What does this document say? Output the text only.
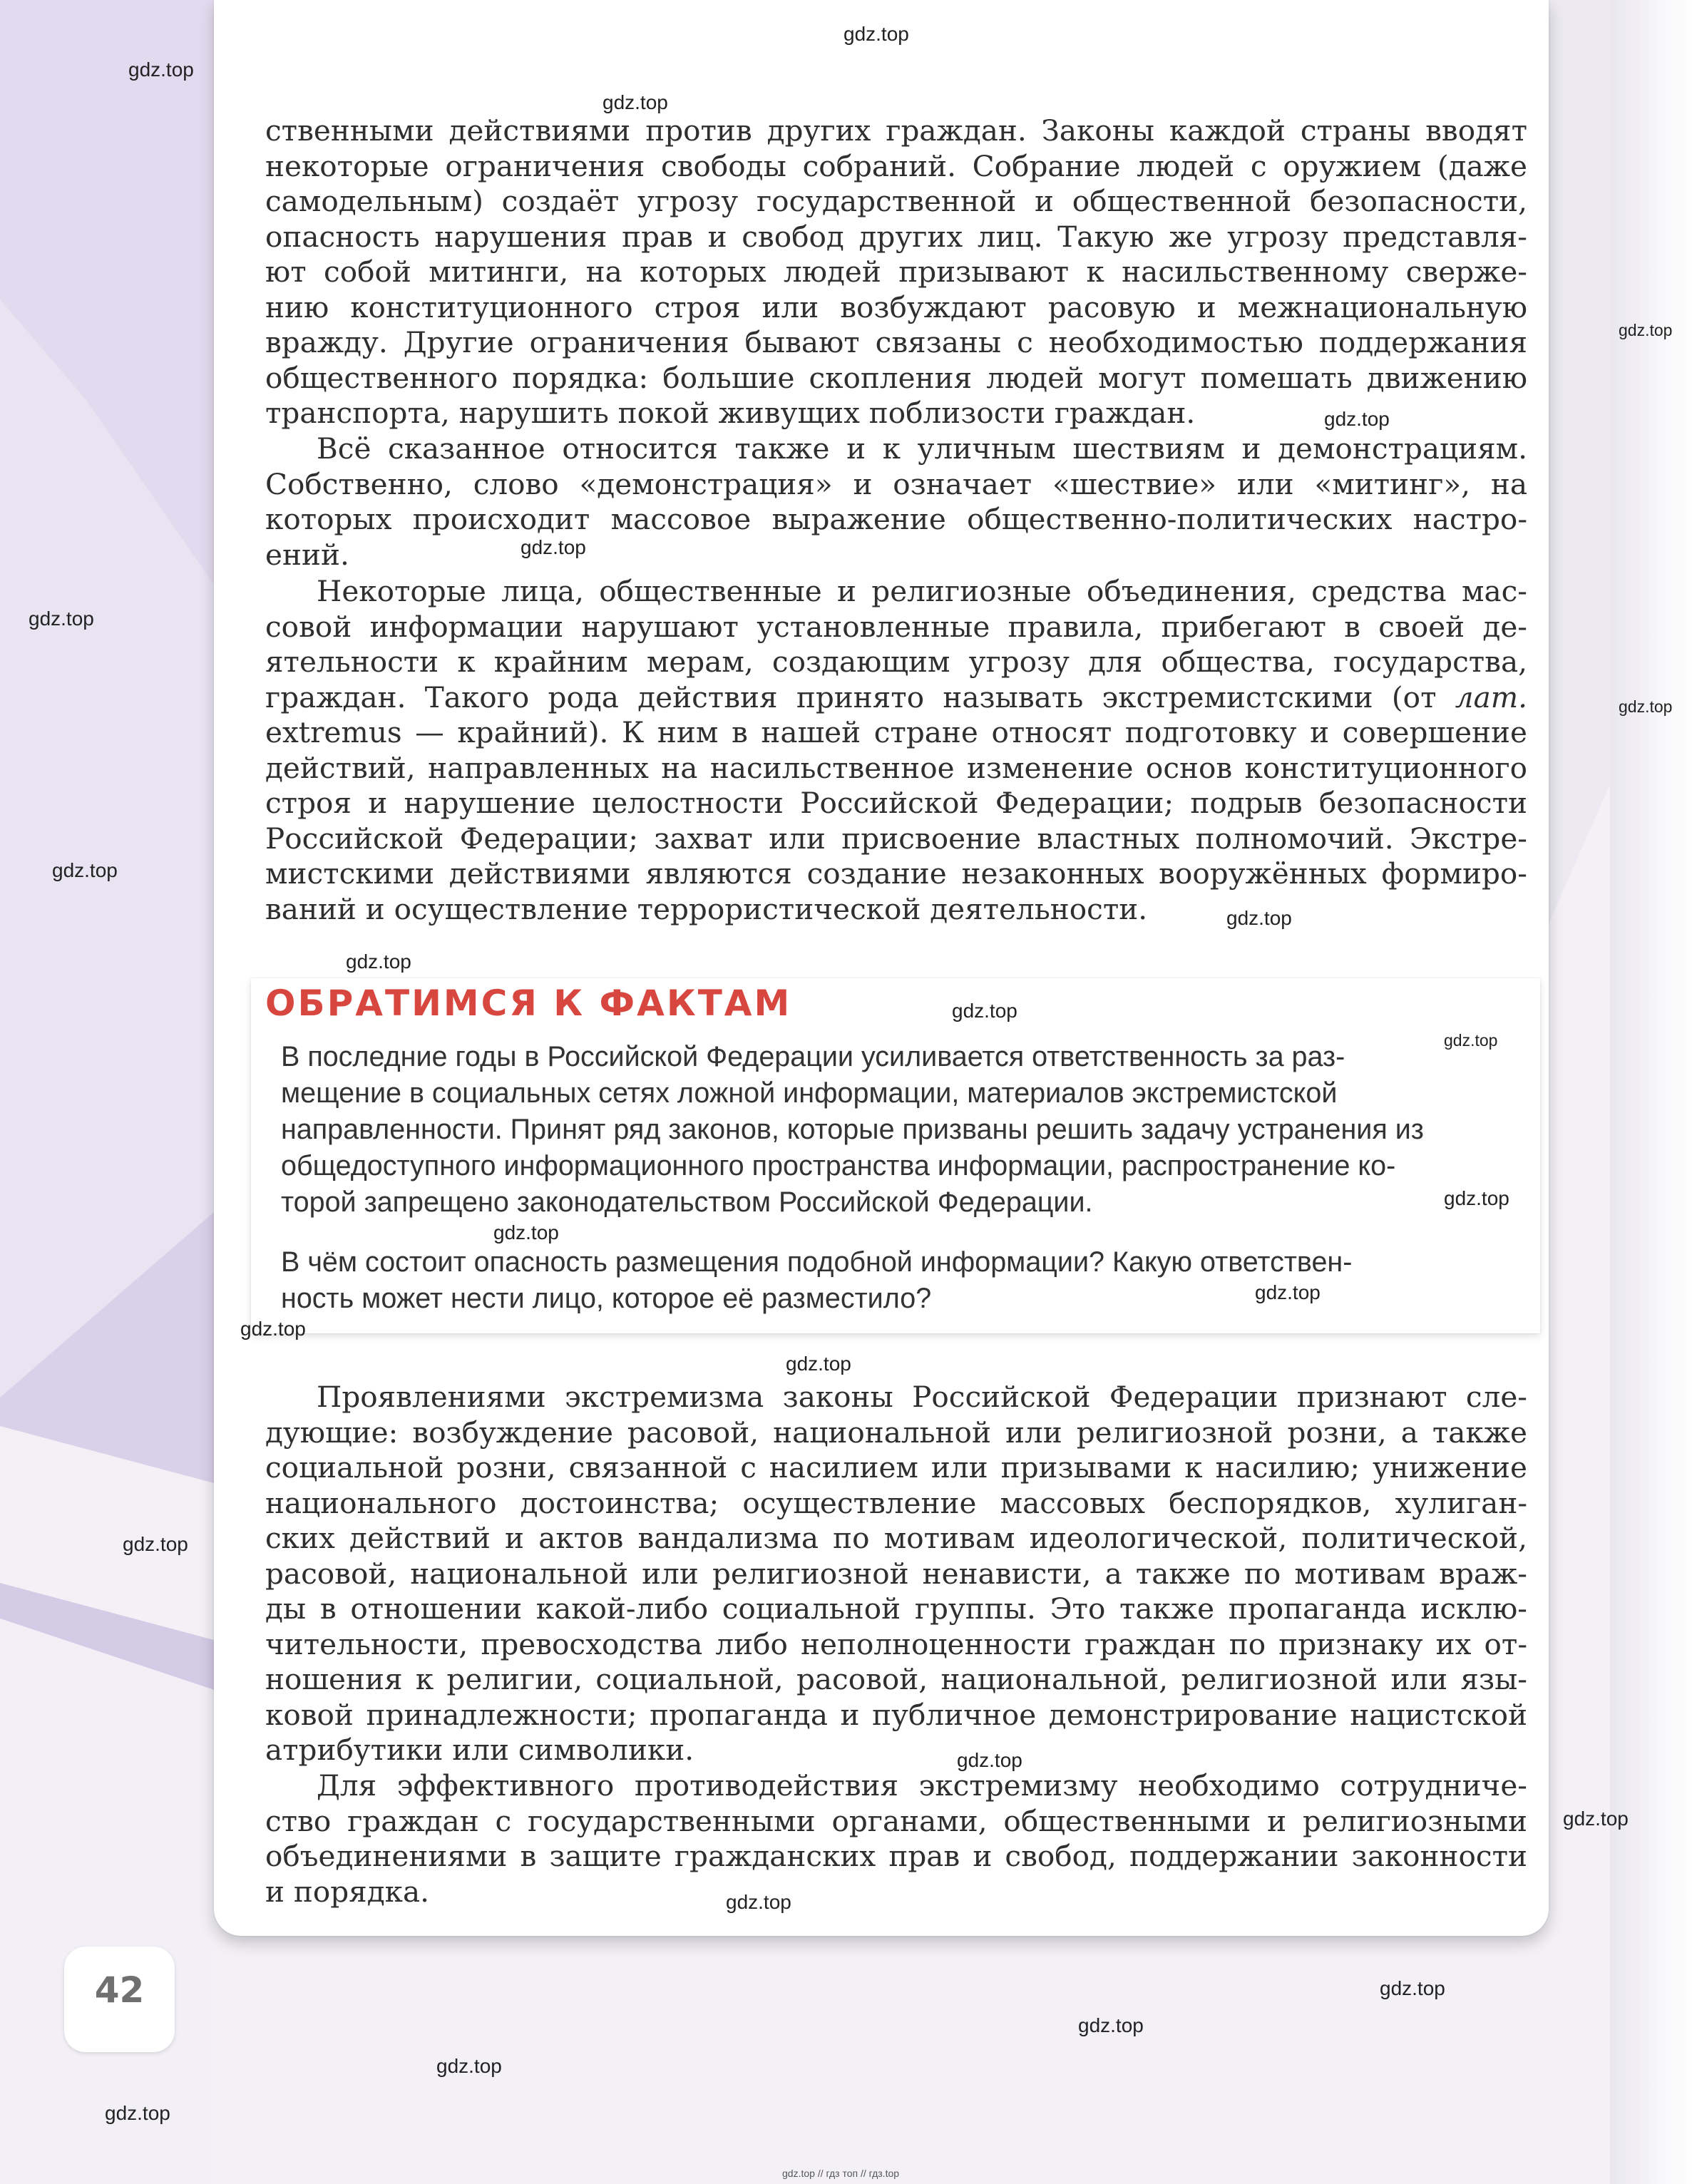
ственными действиями против других граждан. Законы каждой страны вводят
некоторые ограничения свободы собраний. Собрание людей с оружием (даже
самодельным) создаёт угрозу государственной и общественной безопасности,
опасность нарушения прав и свобод других лиц. Такую же угрозу представля-
ют собой митинги, на которых людей призывают к насильственному сверже-
нию конституционного строя или возбуждают расовую и межнациональную
вражду. Другие ограничения бывают связаны с необходимостью поддержания
общественного порядка: большие скопления людей могут помешать движению
транспорта, нарушить покой живущих поблизости граждан.
Всё сказанное относится также и к уличным шествиям и демонстрациям.
Собственно, слово «демонстрация» и означает «шествие» или «митинг», на
которых происходит массовое выражение общественно-политических настро-
ений.
Некоторые лица, общественные и религиозные объединения, средства мас-
совой информации нарушают установленные правила, прибегают в своей де-
ятельности к крайним мерам, создающим угрозу для общества, государства,
граждан. Такого рода действия принято называть экстремистскими (от лат.
extremus — крайний). К ним в нашей стране относят подготовку и совершение
действий, направленных на насильственное изменение основ конституционного
строя и нарушение целостности Российской Федерации; подрыв безопасности
Российской Федерации; захват или присвоение властных полномочий. Экстре-
мистскими действиями являются создание незаконных вооружённых формиро-
ваний и осуществление террористической деятельности.
ОБРАТИМСЯ К ФАКТАМ
В последние годы в Российской Федерации усиливается ответственность за раз-
мещение в социальных сетях ложной информации, материалов экстремистской
направленности. Принят ряд законов, которые призваны решить задачу устранения из
общедоступного информационного пространства информации, распространение ко-
торой запрещено законодательством Российской Федерации.
В чём состоит опасность размещения подобной информации? Какую ответствен-
ность может нести лицо, которое её разместило?
Проявлениями экстремизма законы Российской Федерации признают сле-
дующие: возбуждение расовой, национальной или религиозной розни, а также
социальной розни, связанной с насилием или призывами к насилию; унижение
национального достоинства; осуществление массовых беспорядков, хулиган-
ских действий и актов вандализма по мотивам идеологической, политической,
расовой, национальной или религиозной ненависти, а также по мотивам враж-
ды в отношении какой-либо социальной группы. Это также пропаганда исклю-
чительности, превосходства либо неполноценности граждан по признаку их от-
ношения к религии, социальной, расовой, национальной, религиозной или язы-
ковой принадлежности; пропаганда и публичное демонстрирование нацистской
атрибутики или символики.
Для эффективного противодействия экстремизму необходимо сотрудниче-
ство граждан с государственными органами, общественными и религиозными
объединениями в защите гражданских прав и свобод, поддержании законности
и порядка.
42
gdz.top
gdz.top
gdz.top
gdz.top
gdz.top
gdz.top
gdz.top
gdz.top
gdz.top
gdz.top
gdz.top
gdz.top
gdz.top
gdz.top
gdz.top
gdz.top
gdz.top
gdz.top
gdz.top
gdz.top
gdz.top
gdz.top
gdz.top
gdz.top
gdz.top
gdz.top
gdz.top // гдз топ // гдз.top
